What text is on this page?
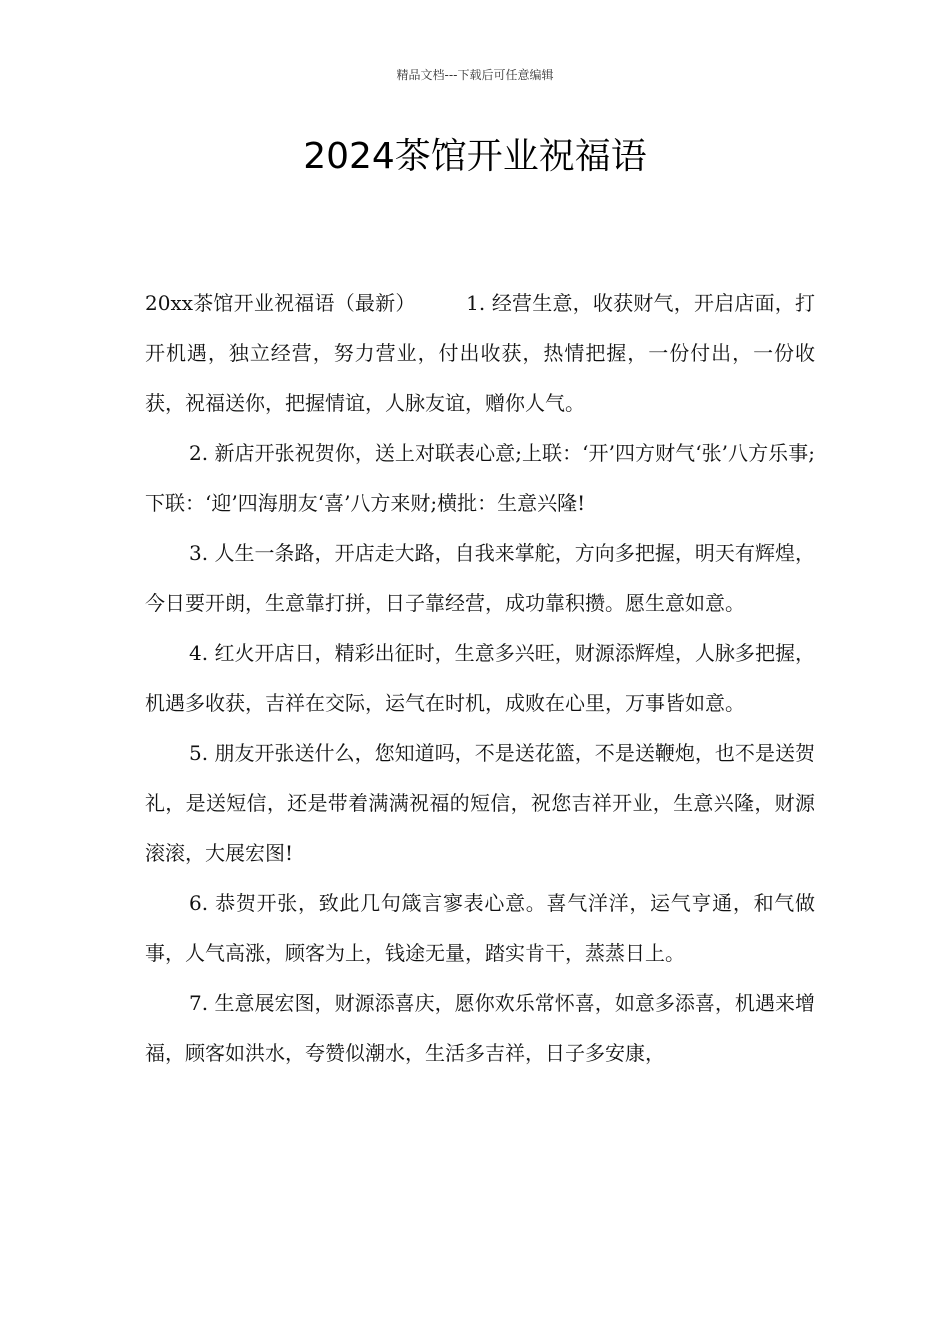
精品文档---下载后可任意编辑
2024茶馆开业祝福语

20xx茶馆开业祝福语（最新）　　　1. 经营生意，收获财气，开启店面，打开机遇，独立经营，努力营业，付出收获，热情把握，一份付出，一份收获，祝福送你，把握情谊，人脉友谊，赠你人气。

2. 新店开张祝贺你，送上对联表心意;上联：‘开’四方财气‘张’八方乐事;下联：‘迎’四海朋友‘喜’八方来财;横批：生意兴隆!

3. 人生一条路，开店走大路，自我来掌舵，方向多把握，明天有辉煌，今日要开朗，生意靠打拼，日子靠经营，成功靠积攒。愿生意如意。

4. 红火开店日，精彩出征时，生意多兴旺，财源添辉煌，人脉多把握，机遇多收获，吉祥在交际，运气在时机，成败在心里，万事皆如意。

5. 朋友开张送什么，您知道吗，不是送花篮，不是送鞭炮，也不是送贺礼，是送短信，还是带着满满祝福的短信，祝您吉祥开业，生意兴隆，财源滚滚，大展宏图!

6. 恭贺开张，致此几句箴言寥表心意。喜气洋洋，运气亨通，和气做事，人气高涨，顾客为上，钱途无量，踏实肯干，蒸蒸日上。

7. 生意展宏图，财源添喜庆，愿你欢乐常怀喜，如意多添喜，机遇来增福，顾客如洪水，夸赞似潮水，生活多吉祥，日子多安康，
